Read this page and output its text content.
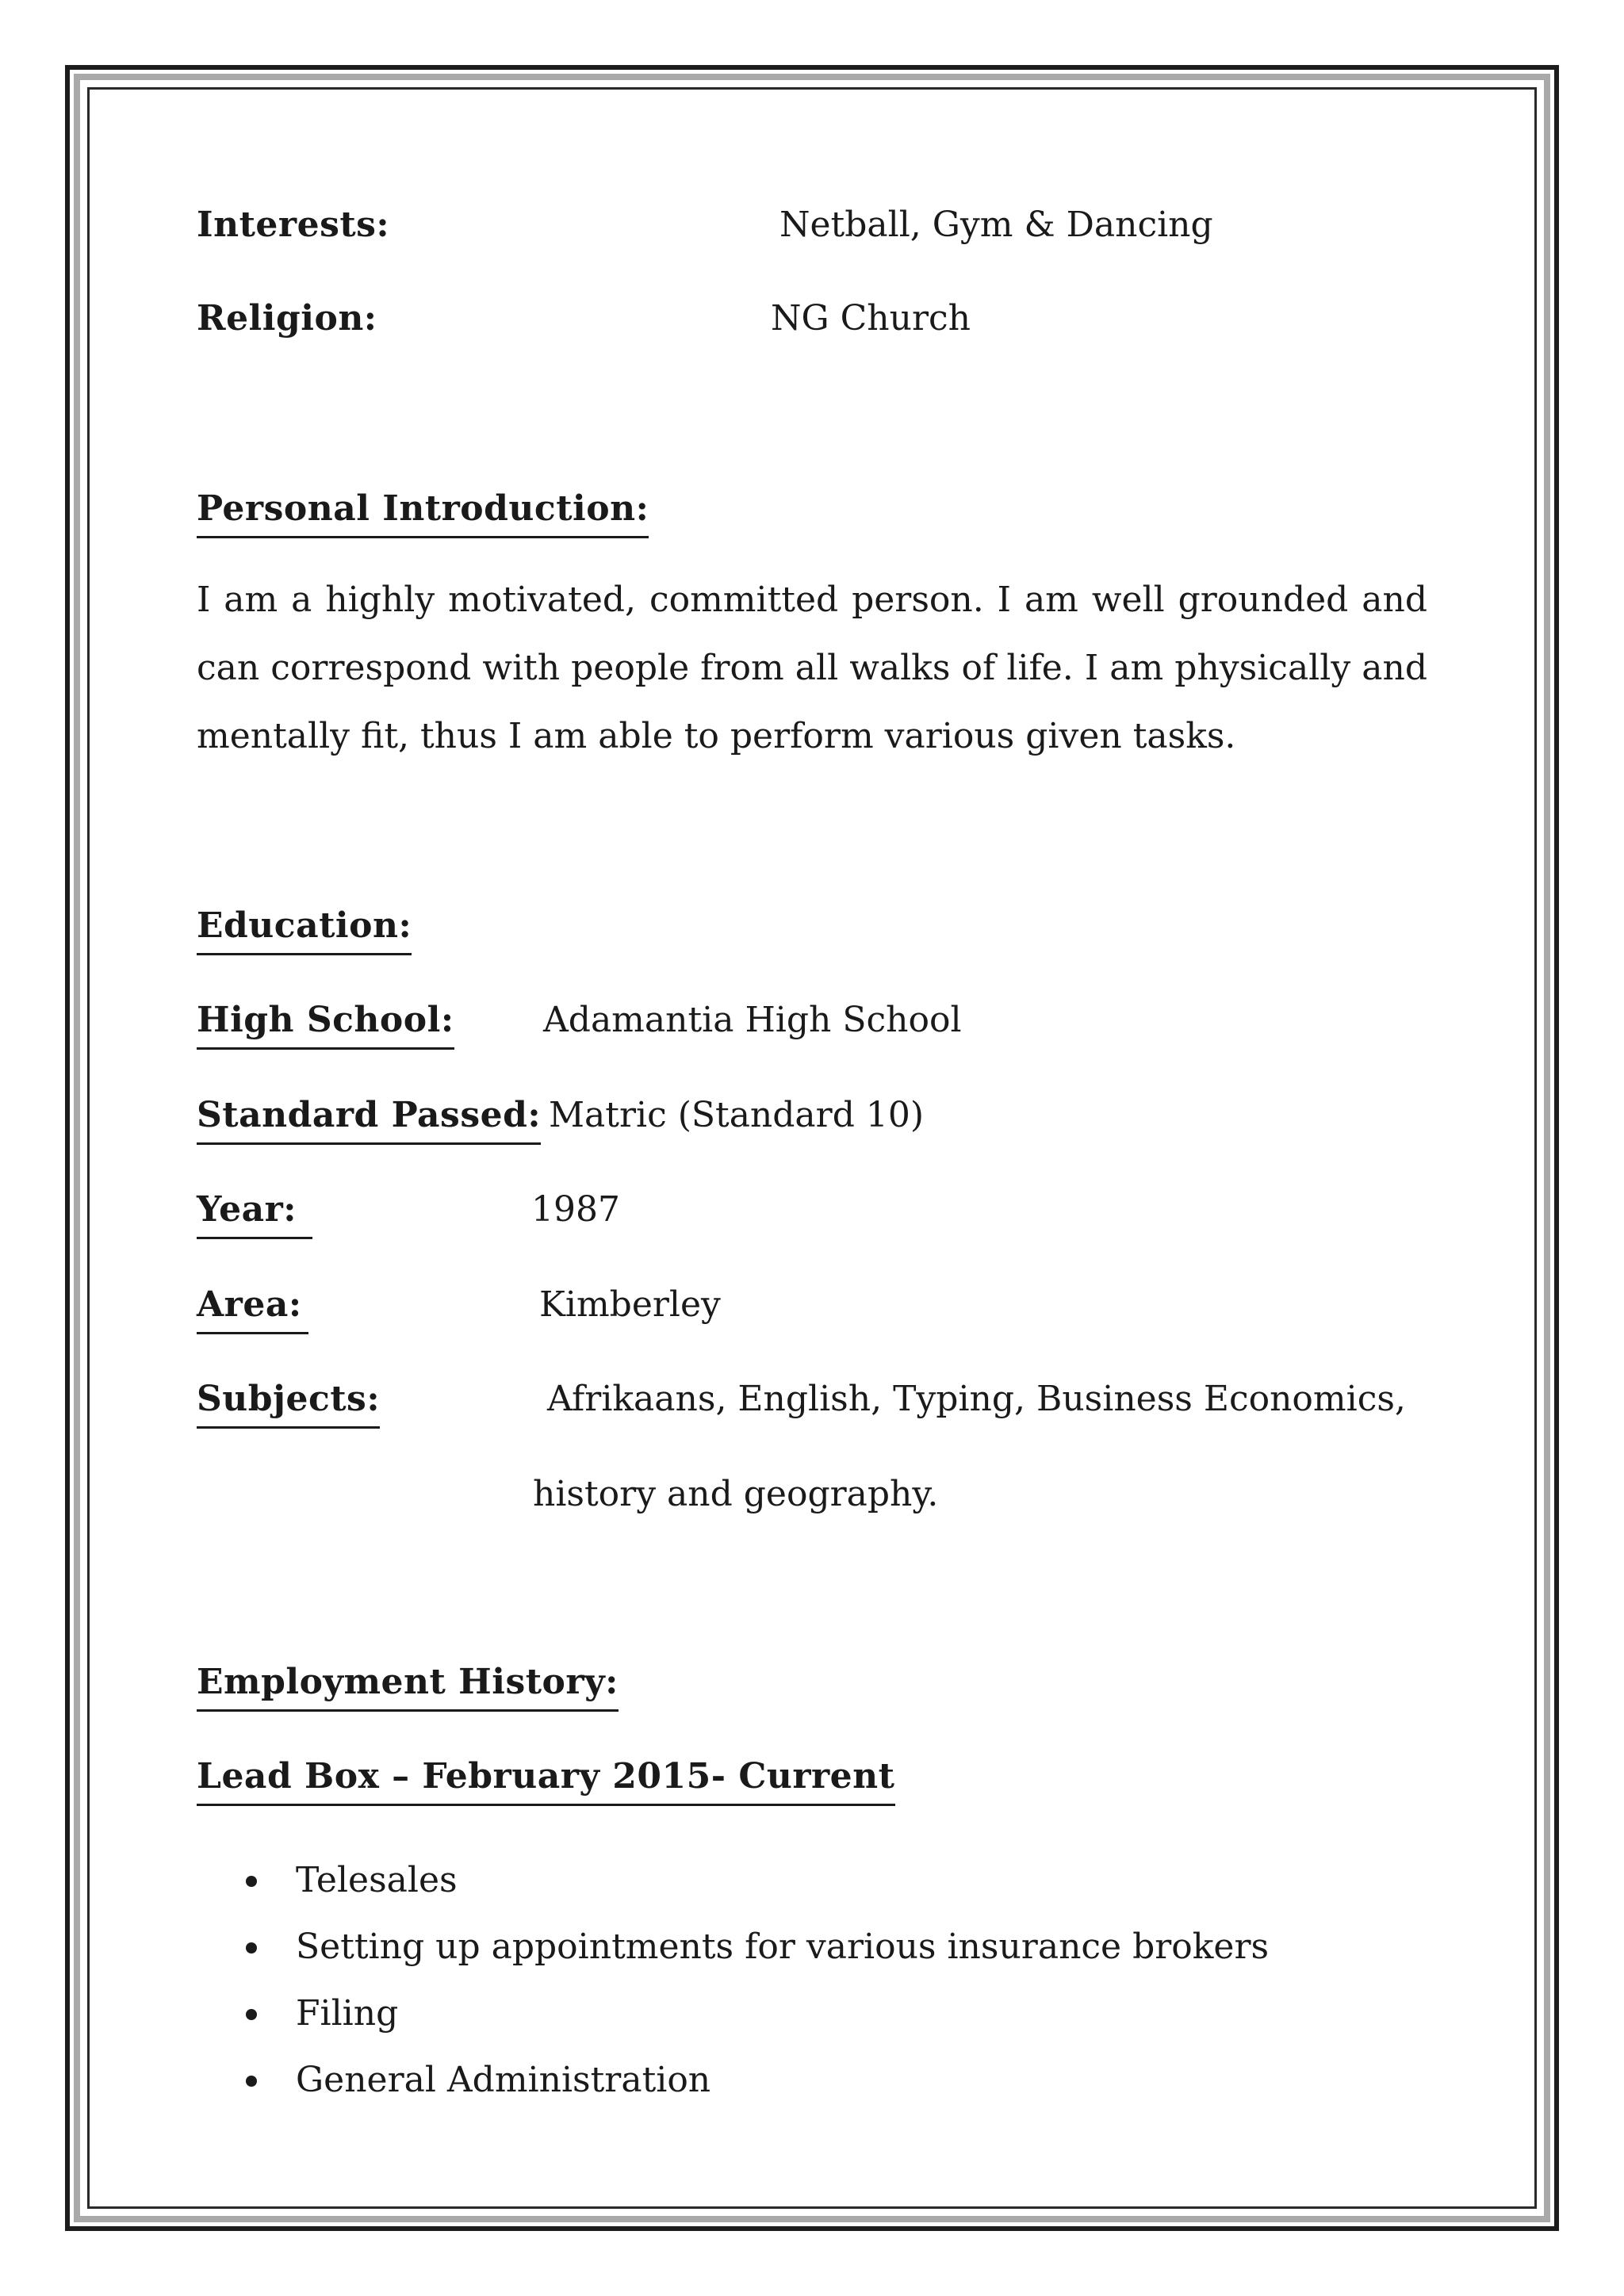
Interests:	Netball, Gym & Dancing
Religion:	NG Church
Personal Introduction:
I am a highly motivated, committed person. I am well grounded and can correspond with people from all walks of life. I am physically and mentally fit, thus I am able to perform various given tasks.
Education:
High School:	Adamantia High School
Standard Passed: Matric (Standard 10)
Year:	1987
Area:	Kimberley
Subjects:	Afrikaans, English, Typing, Business Economics,
history and geography.
Employment History:
Lead Box – February 2015- Current
Telesales
Setting up appointments for various insurance brokers
Filing
General Administration
